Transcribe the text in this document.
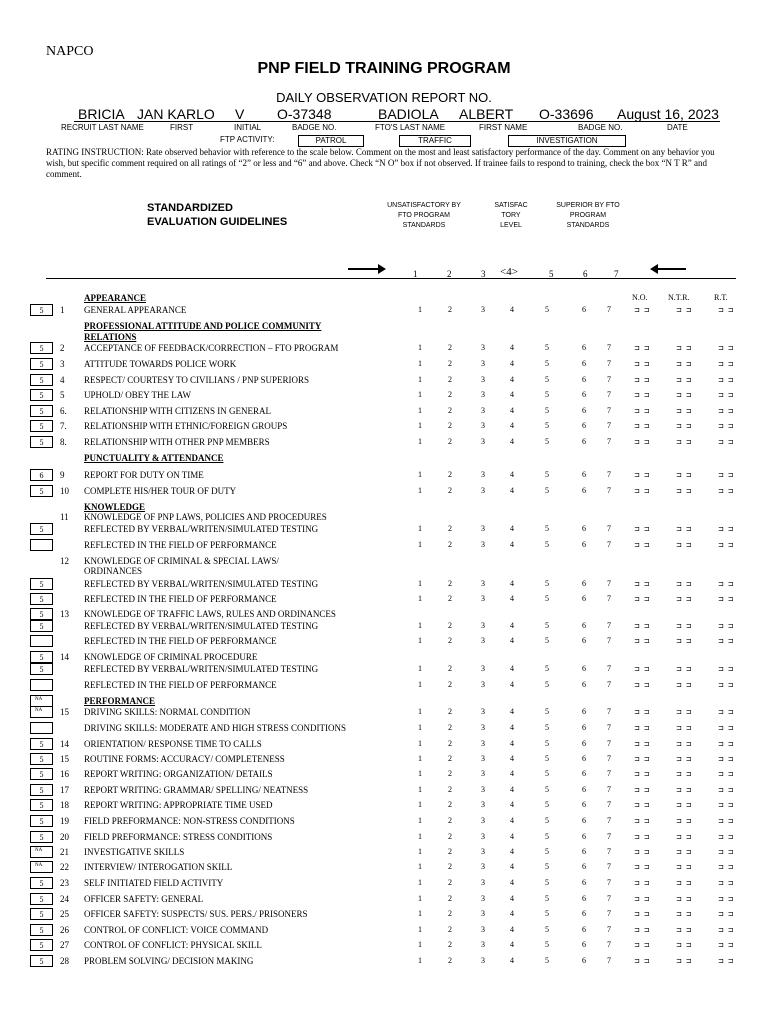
NAPCO
PNP FIELD TRAINING PROGRAM
DAILY OBSERVATION REPORT NO.
BRICIA JAN KARLO V O-37348	BADIOLA ALBERT O-33696 August 16, 2023
RECRUIT LAST NAME	FIRST	INITIAL	BADGE NO.	FTO'S LAST NAME	FIRST NAME	BADGE NO.	DATE
FTP ACTIVITY:	PATROL	TRAFFIC	INVESTIGATION
RATING INSTRUCTION: Rate observed behavior with reference to the scale below. Comment on the most and least satisfactory performance of the day. Comment on any behavior you wish, but specific comment required on all ratings of “2” or less and “6” and above. Check “N O” box if not observed. If trainee fails to respond to training, check the box “N T R” and comment.
STANDARDIZED
EVALUATION GUIDELINES
UNSATISFACTORY BY
FTO PROGRAM
STANDARDS
SATISFAC
TORY
LEVEL
SUPERIOR BY FTO
PROGRAM
STANDARDS
1	2	3 <4>	5	6	7
N.O.	N.T.R.	R.T.
APPEARANCE
5	1 GENERAL APPEARANCE	1	2	3	4	5	6	7	⊐ ⊐	⊐ ⊐	⊐ ⊐
PROFESSIONAL ATTITUDE AND POLICE COMMUNITY
RELATIONS
5	2 ACCEPTANCE OF FEEDBACK/CORRECTION – FTO PROGRAM	1	2	3	4	5	6	7	⊐ ⊐	⊐ ⊐	⊐ ⊐
5	3 ATTITUDE TOWARDS POLICE WORK	1	2	3	4	5	6	7	⊐ ⊐	⊐ ⊐	⊐ ⊐
5	4 RESPECT/ COURTESY TO CIVILIANS / PNP SUPERIORS	1	2	3	4	5	6	7	⊐ ⊐	⊐ ⊐	⊐ ⊐
5	5 UPHOLD/ OBEY THE LAW	1	2	3	4	5	6	7	⊐ ⊐	⊐ ⊐	⊐ ⊐
5	6. RELATIONSHIP WITH CITIZENS IN GENERAL	1	2	3	4	5	6	7	⊐ ⊐	⊐ ⊐	⊐ ⊐
5	7. RELATIONSHIP WITH ETHNIC/FOREIGN GROUPS	1	2	3	4	5	6	7	⊐ ⊐	⊐ ⊐	⊐ ⊐
5	8. RELATIONSHIP WITH OTHER PNP MEMBERS	1	2	3	4	5	6	7	⊐ ⊐	⊐ ⊐	⊐ ⊐
PUNCTUALITY & ATTENDANCE
6	9 REPORT FOR DUTY ON TIME	1	2	3	4	5	6	7	⊐ ⊐	⊐ ⊐	⊐ ⊐
5	10 COMPLETE HIS/HER TOUR OF DUTY	1	2	3	4	5	6	7	⊐ ⊐	⊐ ⊐	⊐ ⊐
KNOWLEDGE
11 KNOWLEDGE OF PNP LAWS, POLICIES AND PROCEDURES
5	REFLECTED BY VERBAL/WRITEN/SIMULATED TESTING	1	2	3	4	5	6	7	⊐ ⊐	⊐ ⊐	⊐ ⊐
REFLECTED IN THE FIELD OF PERFORMANCE	1	2	3	4	5	6	7	⊐ ⊐	⊐ ⊐	⊐ ⊐
12 KNOWLEDGE OF CRIMINAL & SPECIAL LAWS/
ORDINANCES
5	REFLECTED BY VERBAL/WRITEN/SIMULATED TESTING	1	2	3	4	5	6	7	⊐ ⊐	⊐ ⊐	⊐ ⊐
5	REFLECTED IN THE FIELD OF PERFORMANCE	1	2	3	4	5	6	7	⊐ ⊐	⊐ ⊐	⊐ ⊐
5	13 KNOWLEDGE OF TRAFFIC LAWS, RULES AND ORDINANCES
5	REFLECTED BY VERBAL/WRITEN/SIMULATED TESTING	1	2	3	4	5	6	7	⊐ ⊐	⊐ ⊐	⊐ ⊐
REFLECTED IN THE FIELD OF PERFORMANCE	1	2	3	4	5	6	7	⊐ ⊐	⊐ ⊐	⊐ ⊐
5	14 KNOWLEDGE OF CRIMINAL PROCEDURE
5	REFLECTED BY VERBAL/WRITEN/SIMULATED TESTING	1	2	3	4	5	6	7	⊐ ⊐	⊐ ⊐	⊐ ⊐
REFLECTED IN THE FIELD OF PERFORMANCE	1	2	3	4	5	6	7	⊐ ⊐	⊐ ⊐	⊐ ⊐
NA	PERFORMANCE
NA	15 DRIVING SKILLS: NORMAL CONDITION	1	2	3	4	5	6	7	⊐ ⊐	⊐ ⊐	⊐ ⊐
DRIVING SKILLS: MODERATE AND HIGH STRESS CONDITIONS	1	2	3	4	5	6	7	⊐ ⊐	⊐ ⊐	⊐ ⊐
5	14 ORIENTATION/ RESPONSE TIME TO CALLS	1	2	3	4	5	6	7	⊐ ⊐	⊐ ⊐	⊐ ⊐
5	15 ROUTINE FORMS: ACCURACY/ COMPLETENESS	1	2	3	4	5	6	7	⊐ ⊐	⊐ ⊐	⊐ ⊐
5	16 REPORT WRITING: ORGANIZATION/ DETAILS	1	2	3	4	5	6	7	⊐ ⊐	⊐ ⊐	⊐ ⊐
5	17 REPORT WRITING: GRAMMAR/ SPELLING/ NEATNESS	1	2	3	4	5	6	7	⊐ ⊐	⊐ ⊐	⊐ ⊐
5	18 REPORT WRITING: APPROPRIATE TIME USED	1	2	3	4	5	6	7	⊐ ⊐	⊐ ⊐	⊐ ⊐
5	19 FIELD PREFORMANCE: NON-STRESS CONDITIONS	1	2	3	4	5	6	7	⊐ ⊐	⊐ ⊐	⊐ ⊐
5	20 FIELD PREFORMANCE: STRESS CONDITIONS	1	2	3	4	5	6	7	⊐ ⊐	⊐ ⊐	⊐ ⊐
NA	21 INVESTIGATIVE SKILLS	1	2	3	4	5	6	7	⊐ ⊐	⊐ ⊐	⊐ ⊐
NA	22 INTERVIEW/ INTEROGATION SKILL	1	2	3	4	5	6	7	⊐ ⊐	⊐ ⊐	⊐ ⊐
5	23 SELF INITIATED FIELD ACTIVITY	1	2	3	4	5	6	7	⊐ ⊐	⊐ ⊐	⊐ ⊐
5	24 OFFICER SAFETY: GENERAL	1	2	3	4	5	6	7	⊐ ⊐	⊐ ⊐	⊐ ⊐
5	25 OFFICER SAFETY: SUSPECTS/ SUS. PERS./ PRISONERS	1	2	3	4	5	6	7	⊐ ⊐	⊐ ⊐	⊐ ⊐
5	26 CONTROL OF CONFLICT: VOICE COMMAND	1	2	3	4	5	6	7	⊐ ⊐	⊐ ⊐	⊐ ⊐
5	27 CONTROL OF CONFLICT: PHYSICAL SKILL	1	2	3	4	5	6	7	⊐ ⊐	⊐ ⊐	⊐ ⊐
5	28 PROBLEM SOLVING/ DECISION MAKING	1	2	3	4	5	6	7	⊐ ⊐	⊐ ⊐	⊐ ⊐
